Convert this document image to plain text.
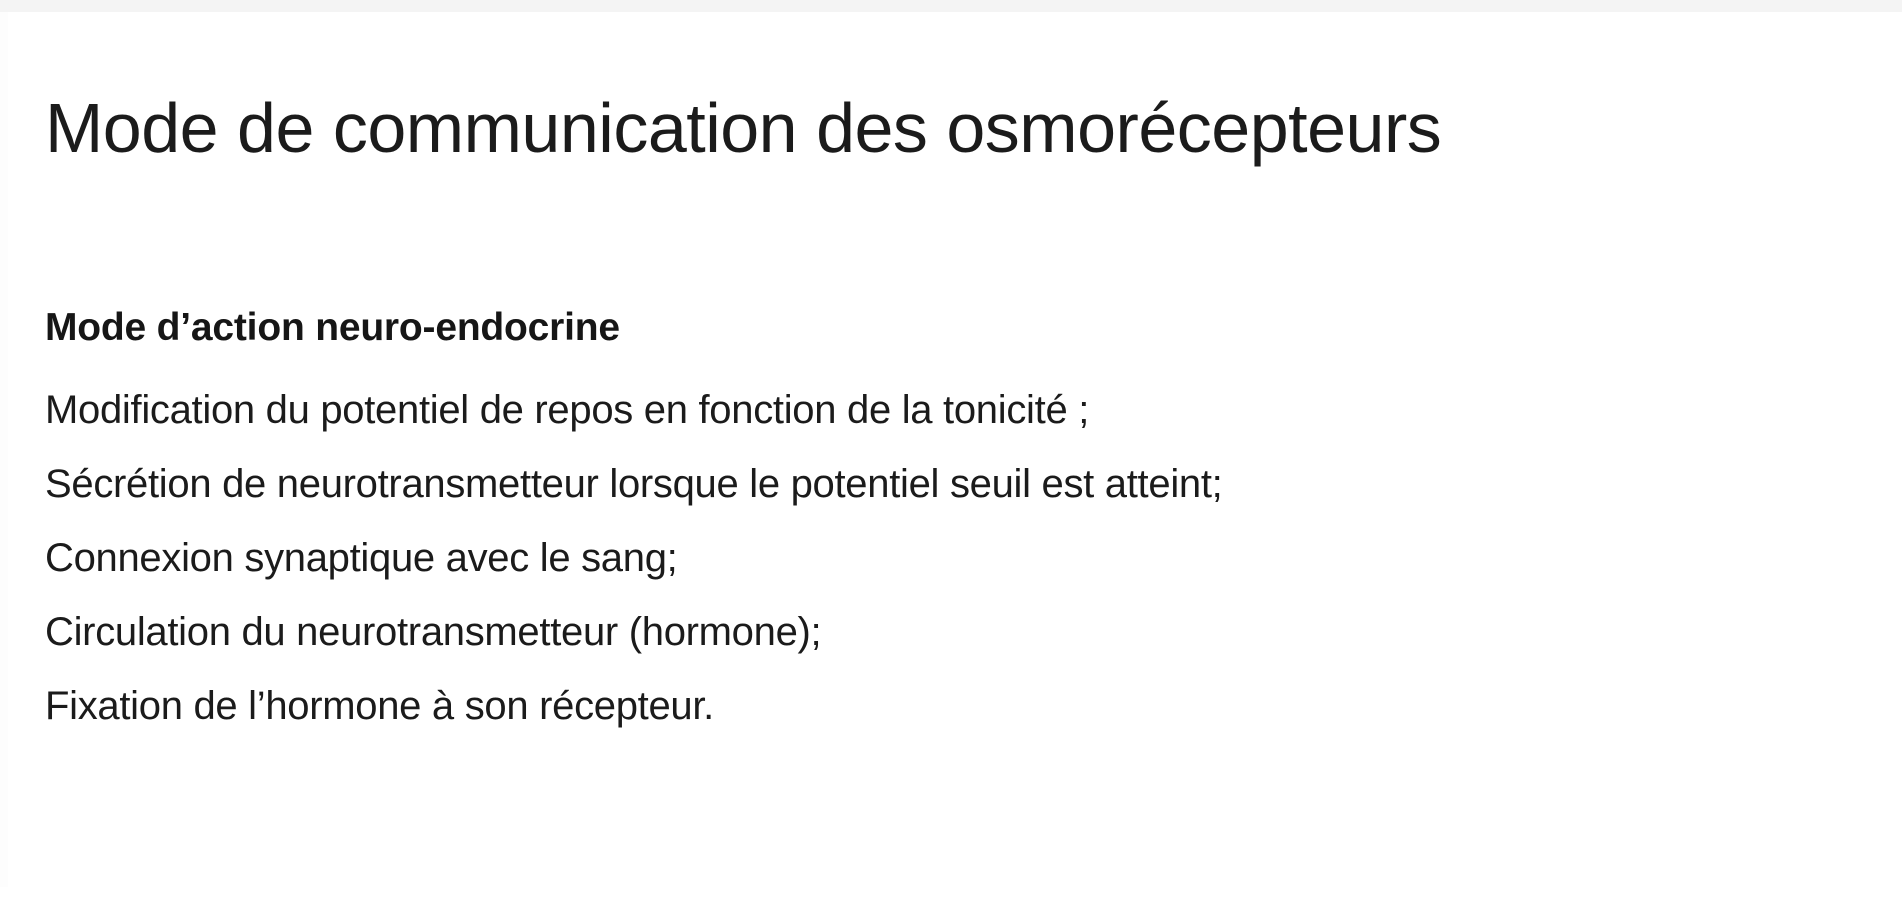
Mode de communication des osmorécepteurs
Mode d’action neuro-endocrine
Modification du potentiel de repos en fonction de la tonicité ;
Sécrétion de neurotransmetteur lorsque le potentiel seuil est atteint;
Connexion synaptique avec le sang;
Circulation du neurotransmetteur (hormone);
Fixation de l’hormone à son récepteur.
